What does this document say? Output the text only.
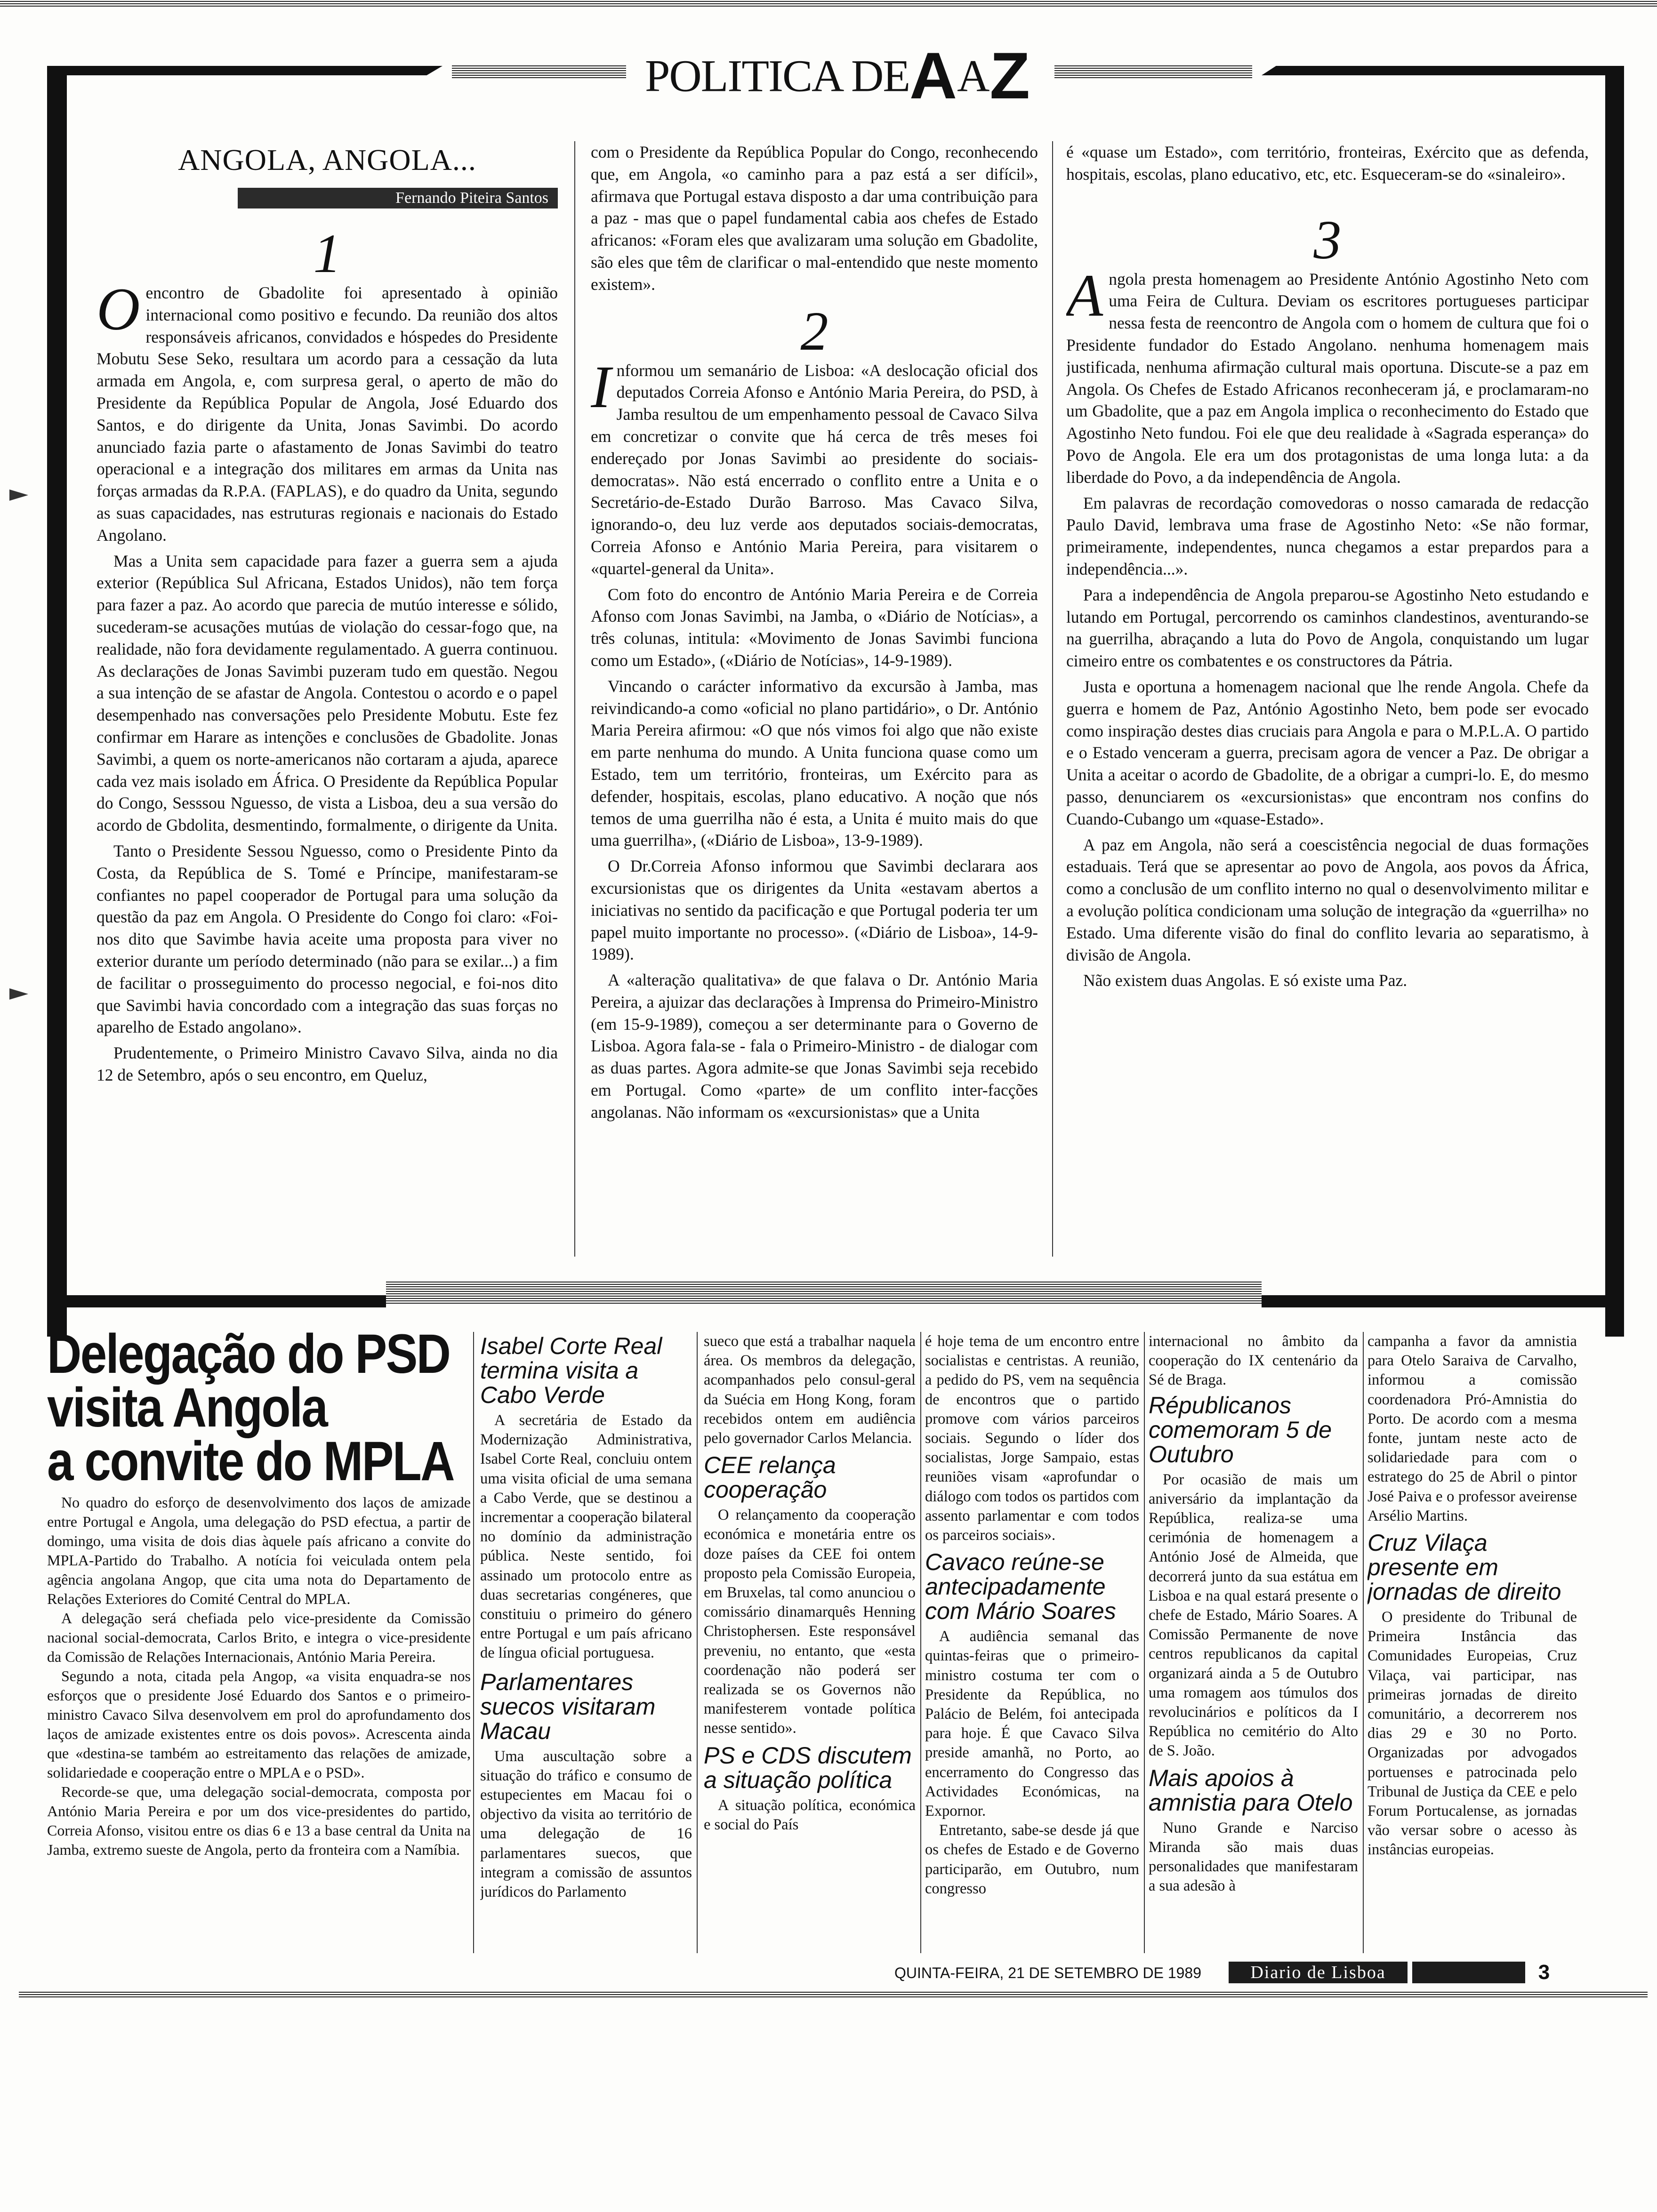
POLITICA DEAAZ
ANGOLA, ANGOLA...
Fernando Piteira Santos
1

Oencontro de Gbadolite foi apresentado à opinião internacional como positivo e fecundo. Da reunião dos altos responsáveis africanos, convidados e hóspedes do Presidente Mobutu Sese Seko, resultara um acordo para a cessação da luta armada em Angola, e, com surpresa geral, o aperto de mão do Presidente da República Popular de Angola, José Eduardo dos Santos, e do dirigente da Unita, Jonas Savimbi. Do acordo anunciado fazia parte o afastamento de Jonas Savimbi do teatro operacional e a integração dos militares em armas da Unita nas forças armadas da R.P.A. (FAPLAS), e do quadro da Unita, segundo as suas capacidades, nas estruturas regionais e nacionais do Estado Angolano.

Mas a Unita sem capacidade para fazer a guerra sem a ajuda exterior (República Sul Africana, Estados Unidos), não tem força para fazer a paz. Ao acordo que parecia de mutúo interesse e sólido, sucederam-se acusações mutúas de violação do cessar-fogo que, na realidade, não fora devidamente regulamentado. A guerra continuou. As declarações de Jonas Savimbi puzeram tudo em questão. Negou a sua intenção de se afastar de Angola. Contestou o acordo e o papel desempenhado nas conversações pelo Presidente Mobutu. Este fez confirmar em Harare as intenções e conclusões de Gbadolite. Jonas Savimbi, a quem os norte-americanos não cortaram a ajuda, aparece cada vez mais isolado em África. O Presidente da República Popular do Congo, Sesssou Nguesso, de vista a Lisboa, deu a sua versão do acordo de Gbdolita, desmentindo, formalmente, o dirigente da Unita.

Tanto o Presidente Sessou Nguesso, como o Presidente Pinto da Costa, da República de S. Tomé e Príncipe, manifestaram-se confiantes no papel cooperador de Portugal para uma solução da questão da paz em Angola. O Presidente do Congo foi claro: «Foi-nos dito que Savimbe havia aceite uma proposta para viver no exterior durante um período determinado (não para se exilar...) a fim de facilitar o prosseguimento do processo negocial, e foi-nos dito que Savimbi havia concordado com a integração das suas forças no aparelho de Estado angolano».

Prudentemente, o Primeiro Ministro Cavavo Silva, ainda no dia 12 de Setembro, após o seu encontro, em Queluz,

com o Presidente da República Popular do Congo, reconhecendo que, em Angola, «o caminho para a paz está a ser difícil», afirmava que Portugal estava disposto a dar uma contribuição para a paz - mas que o papel fundamental cabia aos chefes de Estado africanos: «Foram eles que avalizaram uma solução em Gbadolite, são eles que têm de clarificar o mal-entendido que neste momento existem».

2

Informou um semanário de Lisboa: «A deslocação oficial dos deputados Correia Afonso e António Maria Pereira, do PSD, à Jamba resultou de um empenhamento pessoal de Cavaco Silva em concretizar o convite que há cerca de três meses foi endereçado por Jonas Savimbi ao presidente do sociais-democratas». Não está encerrado o conflito entre a Unita e o Secretário-de-Estado Durão Barroso. Mas Cavaco Silva, ignorando-o, deu luz verde aos deputados sociais-democratas, Correia Afonso e António Maria Pereira, para visitarem o «quartel-general da Unita».

Com foto do encontro de António Maria Pereira e de Correia Afonso com Jonas Savimbi, na Jamba, o «Diário de Notícias», a três colunas, intitula: «Movimento de Jonas Savimbi funciona como um Estado», («Diário de Notícias», 14-9-1989).

Vincando o carácter informativo da excursão à Jamba, mas reivindicando-a como «oficial no plano partidário», o Dr. António Maria Pereira afirmou: «O que nós vimos foi algo que não existe em parte nenhuma do mundo. A Unita funciona quase como um Estado, tem um território, fronteiras, um Exército para as defender, hospitais, escolas, plano educativo. A noção que nós temos de uma guerrilha não é esta, a Unita é muito mais do que uma guerrilha», («Diário de Lisboa», 13-9-1989).

O Dr.Correia Afonso informou que Savimbi declarara aos excursionistas que os dirigentes da Unita «estavam abertos a iniciativas no sentido da pacificação e que Portugal poderia ter um papel muito importante no processo». («Diário de Lisboa», 14-9-1989).

A «alteração qualitativa» de que falava o Dr. António Maria Pereira, a ajuizar das declarações à Imprensa do Primeiro-Ministro (em 15-9-1989), começou a ser determinante para o Governo de Lisboa. Agora fala-se - fala o Primeiro-Ministro - de dialogar com as duas partes. Agora admite-se que Jonas Savimbi seja recebido em Portugal. Como «parte» de um conflito inter-facções angolanas. Não informam os «excursionistas» que a Unita

é «quase um Estado», com território, fronteiras, Exército que as defenda, hospitais, escolas, plano educativo, etc, etc. Esqueceram-se do «sinaleiro».

3

Angola presta homenagem ao Presidente António Agostinho Neto com uma Feira de Cultura. Deviam os escritores portugueses participar nessa festa de reencontro de Angola com o homem de cultura que foi o Presidente fundador do Estado Angolano. nenhuma homenagem mais justificada, nenhuma afirmação cultural mais oportuna. Discute-se a paz em Angola. Os Chefes de Estado Africanos reconheceram já, e proclamaram-no um Gbadolite, que a paz em Angola implica o reconhecimento do Estado que Agostinho Neto fundou. Foi ele que deu realidade à «Sagrada esperança» do Povo de Angola. Ele era um dos protagonistas de uma longa luta: a da liberdade do Povo, a da independência de Angola.

Em palavras de recordação comovedoras o nosso camarada de redacção Paulo David, lembrava uma frase de Agostinho Neto: «Se não formar, primeiramente, independentes, nunca chegamos a estar prepardos para a independência...».

Para a independência de Angola preparou-se Agostinho Neto estudando e lutando em Portugal, percorrendo os caminhos clandestinos, aventurando-se na guerrilha, abraçando a luta do Povo de Angola, conquistando um lugar cimeiro entre os combatentes e os constructores da Pátria.

Justa e oportuna a homenagem nacional que lhe rende Angola. Chefe da guerra e homem de Paz, António Agostinho Neto, bem pode ser evocado como inspiração destes dias cruciais para Angola e para o M.P.L.A. O partido e o Estado venceram a guerra, precisam agora de vencer a Paz. De obrigar a Unita a aceitar o acordo de Gbadolite, de a obrigar a cumpri-lo. E, do mesmo passo, denunciarem os «excursionistas» que encontram nos confins do Cuando-Cubango um «quase-Estado».

A paz em Angola, não será a coescistência negocial de duas formações estaduais. Terá que se apresentar ao povo de Angola, aos povos da África, como a conclusão de um conflito interno no qual o desenvolvimento militar e a evolução política condicionam uma solução de integração da «guerrilha» no Estado. Uma diferente visão do final do conflito levaria ao separatismo, à divisão de Angola.

Não existem duas Angolas. E só existe uma Paz.

Delegação do PSD
visita Angola
a convite do MPLA

No quadro do esforço de desenvolvimento dos laços de amizade entre Portugal e Angola, uma delegação do PSD efectua, a partir de domingo, uma visita de dois dias àquele país africano a convite do MPLA-Partido do Trabalho. A notícia foi veiculada ontem pela agência angolana Angop, que cita uma nota do Departamento de Relações Exteriores do Comité Central do MPLA.

A delegação será chefiada pelo vice-presidente da Comissão nacional social-democrata, Carlos Brito, e integra o vice-presidente da Comissão de Relações Internacionais, António Maria Pereira.

Segundo a nota, citada pela Angop, «a visita enquadra-se nos esforços que o presidente José Eduardo dos Santos e o primeiro-ministro Cavaco Silva desenvolvem em prol do aprofundamento dos laços de amizade existentes entre os dois povos». Acrescenta ainda que «destina-se também ao estreitamento das relações de amizade, solidariedade e cooperação entre o MPLA e o PSD».

Recorde-se que, uma delegação social-democrata, composta por António Maria Pereira e por um dos vice-presidentes do partido, Correia Afonso, visitou entre os dias 6 e 13 a base central da Unita na Jamba, extremo sueste de Angola, perto da fronteira com a Namíbia.

Isabel Corte Real termina visita a Cabo Verde

A secretária de Estado da Modernização Administrativa, Isabel Corte Real, concluiu ontem uma visita oficial de uma semana a Cabo Verde, que se destinou a incrementar a cooperação bilateral no domínio da administração pública. Neste sentido, foi assinado um protocolo entre as duas secretarias congéneres, que constituiu o primeiro do género entre Portugal e um país africano de língua oficial portuguesa.

Parlamentares suecos visitaram Macau

Uma auscultação sobre a situação do tráfico e consumo de estupecientes em Macau foi o objectivo da visita ao território de uma delegação de 16 parlamentares suecos, que integram a comissão de assuntos jurídicos do Parlamento

sueco que está a trabalhar naquela área. Os membros da delegação, acompanhados pelo consul-geral da Suécia em Hong Kong, foram recebidos ontem em audiência pelo governador Carlos Melancia.

CEE relança cooperação

O relançamento da cooperação económica e monetária entre os doze países da CEE foi ontem proposto pela Comissão Europeia, em Bruxelas, tal como anunciou o comissário dinamarquês Henning Christophersen. Este responsável preveniu, no entanto, que «esta coordenação não poderá ser realizada se os Governos não manifesterem vontade política nesse sentido».

PS e CDS discutem a situação política

A situação política, económica e social do País

é hoje tema de um encontro entre socialistas e centristas. A reunião, a pedido do PS, vem na sequência de encontros que o partido promove com vários parceiros sociais. Segundo o líder dos socialistas, Jorge Sampaio, estas reuniões visam «aprofundar o diálogo com todos os partidos com assento parlamentar e com todos os parceiros sociais».

Cavaco reúne-se antecipadamente com Mário Soares

A audiência semanal das quintas-feiras que o primeiro-ministro costuma ter com o Presidente da República, no Palácio de Belém, foi antecipada para hoje. É que Cavaco Silva preside amanhã, no Porto, ao encerramento do Congresso das Actividades Económicas, na Expornor.

Entretanto, sabe-se desde já que os chefes de Estado e de Governo participarão, em Outubro, num congresso

internacional no âmbito da cooperação do IX centenário da Sé de Braga.

Républicanos comemoram 5 de Outubro

Por ocasião de mais um aniversário da implantação da República, realiza-se uma cerimónia de homenagem a António José de Almeida, que decorrerá junto da sua estátua em Lisboa e na qual estará presente o chefe de Estado, Mário Soares. A Comissão Permanente de nove centros republicanos da capital organizará ainda a 5 de Outubro uma romagem aos túmulos dos revolucinários e políticos da I República no cemitério do Alto de S. João.

Mais apoios à amnistia para Otelo

Nuno Grande e Narciso Miranda são mais duas personalidades que manifestaram a sua adesão à

campanha a favor da amnistia para Otelo Saraiva de Carvalho, informou a comissão coordenadora Pró-Amnistia do Porto. De acordo com a mesma fonte, juntam neste acto de solidariedade para com o estratego do 25 de Abril o pintor José Paiva e o professor aveirense Arsélio Martins.

Cruz Vilaça presente em jornadas de direito

O presidente do Tribunal de Primeira Instância das Comunidades Europeias, Cruz Vilaça, vai participar, nas primeiras jornadas de direito comunitário, a decorrerem nos dias 29 e 30 no Porto. Organizadas por advogados portuenses e patrocinada pelo Tribunal de Justiça da CEE e pelo Forum Portucalense, as jornadas vão versar sobre o acesso às instâncias europeias.

QUINTA-FEIRA, 21 DE SETEMBRO DE 1989	Diario de Lisboa	3
